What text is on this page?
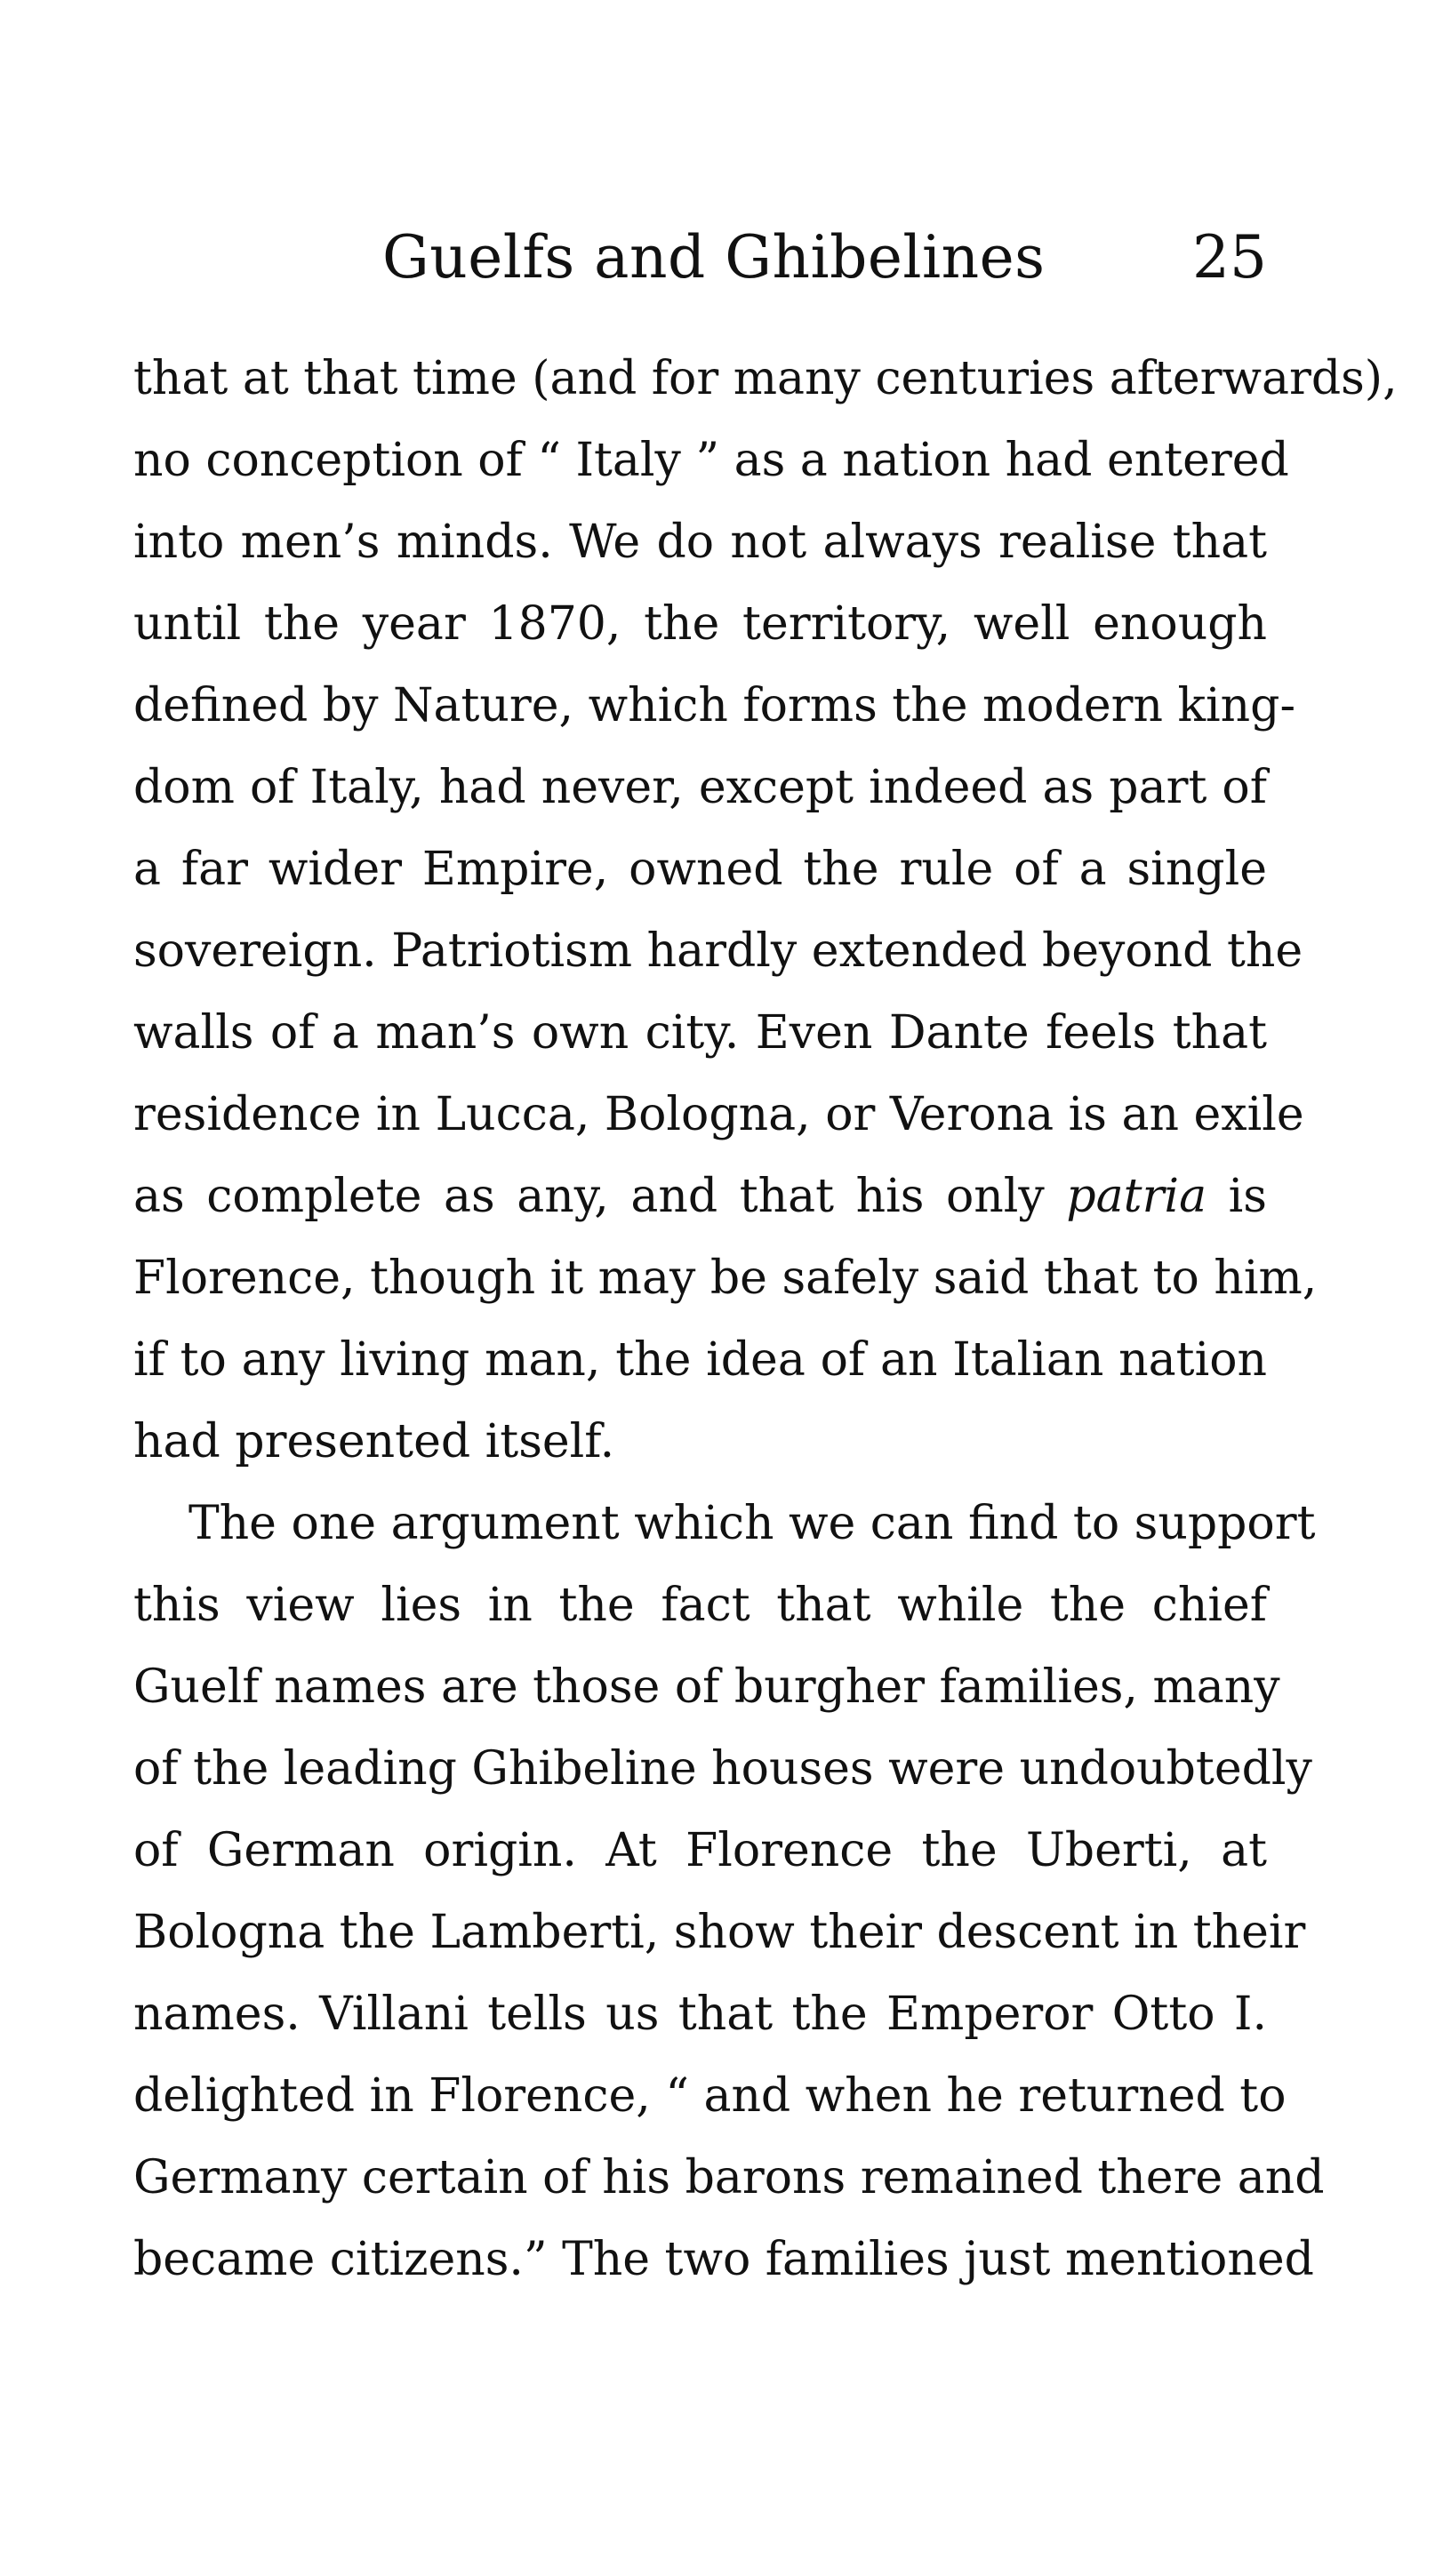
Guelfs and Ghibelines	25

that at that time (and for many centuries afterwards),
no conception of “ Italy ” as a nation had entered
into men’s minds. We do not always realise that
until the year 1870, the territory, well enough
defined by Nature, which forms the modern king-
dom of Italy, had never, except indeed as part of
a far wider Empire, owned the rule of a single
sovereign. Patriotism hardly extended beyond the
walls of a man’s own city. Even Dante feels that
residence in Lucca, Bologna, or Verona is an exile
as complete as any, and that his only patria is
Florence, though it may be safely said that to him,
if to any living man, the idea of an Italian nation
had presented itself.

The one argument which we can find to support
this view lies in the fact that while the chief
Guelf names are those of burgher families, many
of the leading Ghibeline houses were undoubtedly
of German origin. At Florence the Uberti, at
Bologna the Lamberti, show their descent in their
names. Villani tells us that the Emperor Otto I.
delighted in Florence, “ and when he returned to
Germany certain of his barons remained there and
became citizens.” The two families just mentioned
